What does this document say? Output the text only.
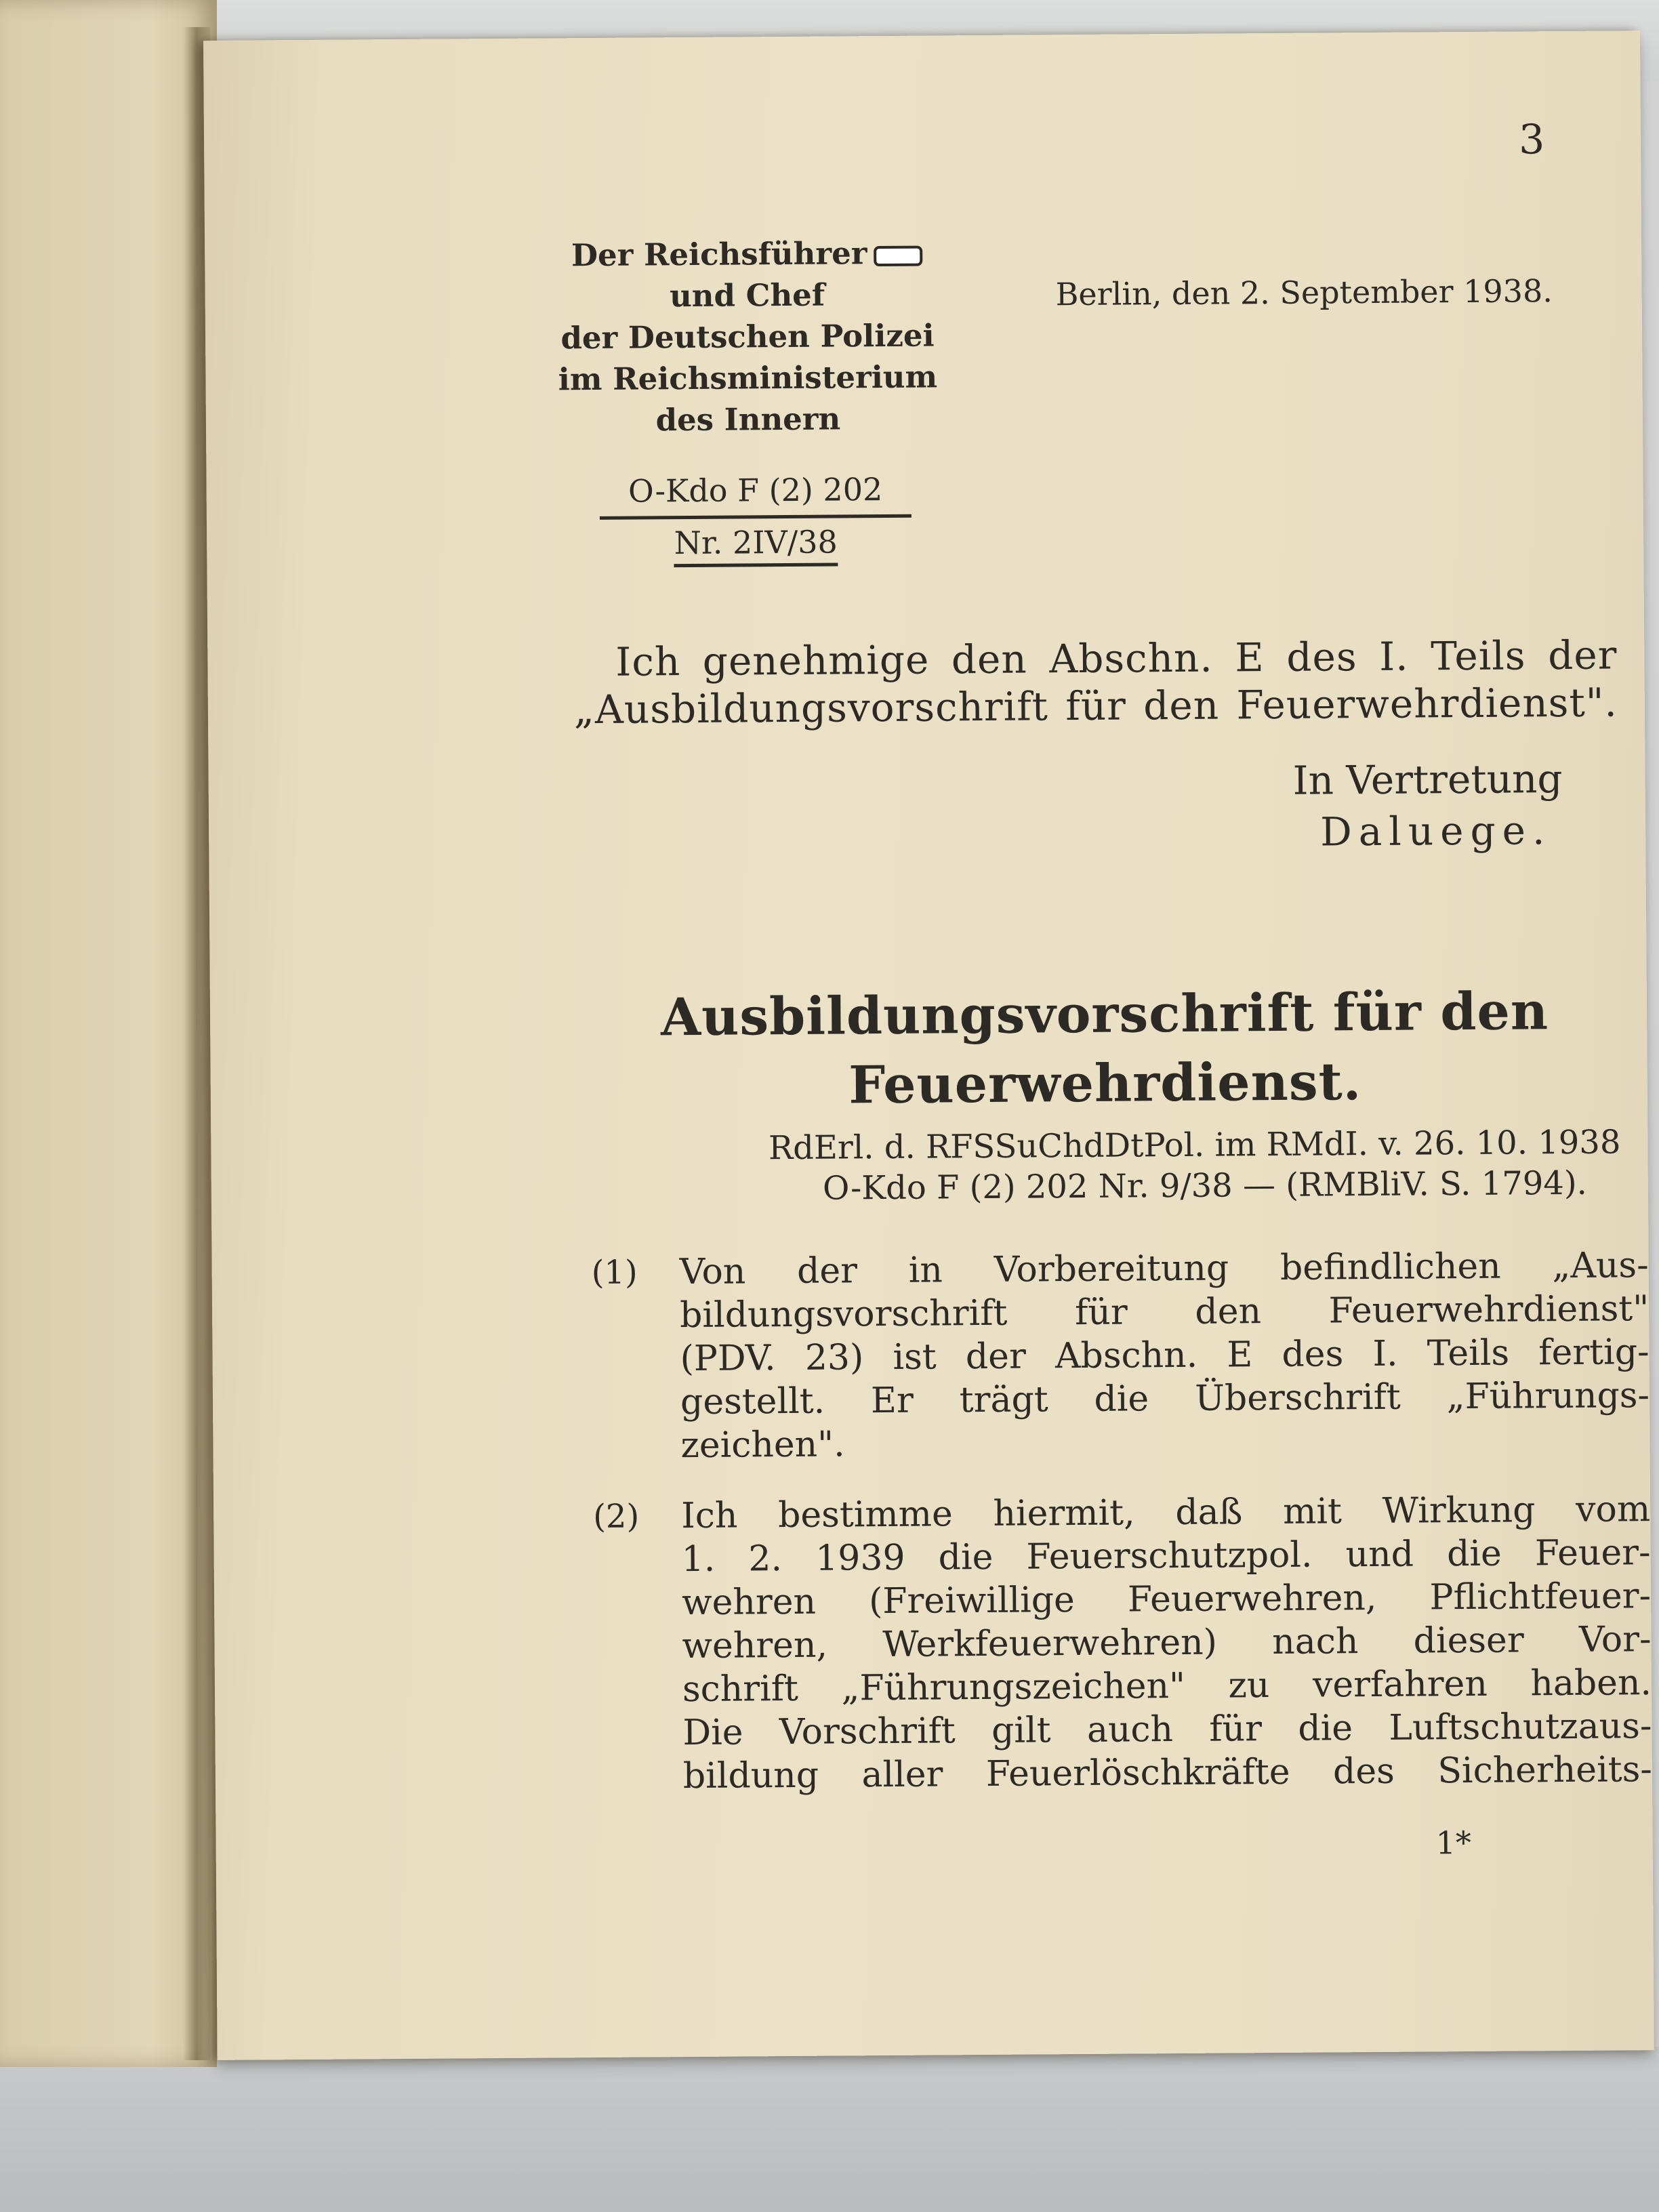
3
Der Reichsführer
und Chef
der Deutschen Polizei
im Reichsministerium
des Innern
O-Kdo F (2) 202
Nr. 2IV/38
Berlin, den 2. September 1938.
Ich genehmige den Abschn. E des I. Teils der
„Ausbildungsvorschrift für den Feuerwehrdienst".
In Vertretung
Daluege.
Ausbildungsvorschrift für den
Feuerwehrdienst.
RdErl. d. RFSSuChdDtPol. im RMdI. v. 26. 10. 1938
O-Kdo F (2) 202 Nr. 9/38 — (RMBliV. S. 1794).
(1) Von der in Vorbereitung befindlichen „Aus-
bildungsvorschrift für den Feuerwehrdienst"
(PDV. 23) ist der Abschn. E des I. Teils fertig-
gestellt. Er trägt die Überschrift „Führungs-
zeichen".
(2) Ich bestimme hiermit, daß mit Wirkung vom
1. 2. 1939 die Feuerschutzpol. und die Feuer-
wehren (Freiwillige Feuerwehren, Pflichtfeuer-
wehren, Werkfeuerwehren) nach dieser Vor-
schrift „Führungszeichen" zu verfahren haben.
Die Vorschrift gilt auch für die Luftschutzaus-
bildung aller Feuerlöschkräfte des Sicherheits-
1*
